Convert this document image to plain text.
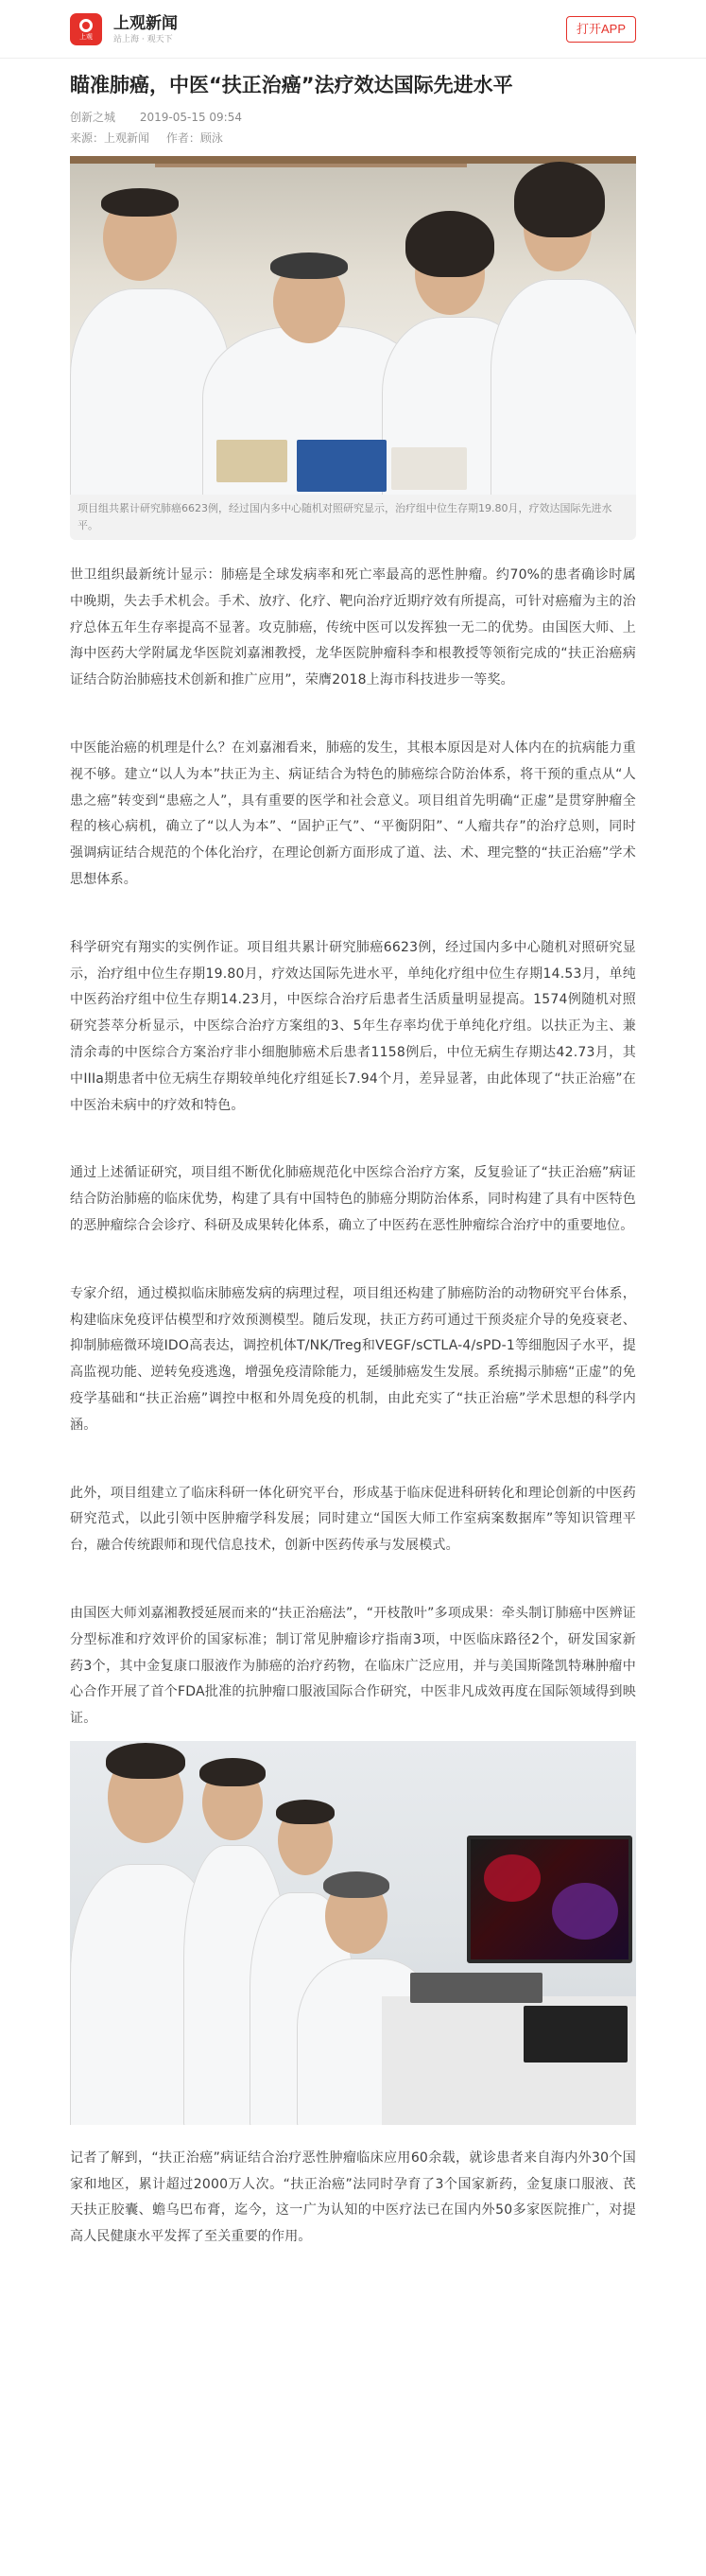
上观
上观新闻
站上海 · 观天下
打开APP
瞄准肺癌，中医“扶正治癌”法疗效达国际先进水平
创新之城 2019-05-15 09:54
来源：上观新闻 作者：顾泳
项目组共累计研究肺癌6623例，经过国内多中心随机对照研究显示，治疗组中位生存期19.80月，疗效达国际先进水平。

世卫组织最新统计显示：肺癌是全球发病率和死亡率最高的恶性肿瘤。约70%的患者确诊时属中晚期，失去手术机会。手术、放疗、化疗、靶向治疗近期疗效有所提高，可针对癌瘤为主的治疗总体五年生存率提高不显著。攻克肺癌，传统中医可以发挥独一无二的优势。由国医大师、上海中医药大学附属龙华医院刘嘉湘教授，龙华医院肿瘤科李和根教授等领衔完成的“扶正治癌病证结合防治肺癌技术创新和推广应用”，荣膺2018上海市科技进步一等奖。

中医能治癌的机理是什么？在刘嘉湘看来，肺癌的发生，其根本原因是对人体内在的抗病能力重视不够。建立“以人为本”扶正为主、病证结合为特色的肺癌综合防治体系，将干预的重点从“人患之癌”转变到“患癌之人”，具有重要的医学和社会意义。项目组首先明确“正虚”是贯穿肿瘤全程的核心病机，确立了“以人为本”、“固护正气”、“平衡阴阳”、“人瘤共存”的治疗总则，同时强调病证结合规范的个体化治疗，在理论创新方面形成了道、法、术、理完整的“扶正治癌”学术思想体系。

科学研究有翔实的实例作证。项目组共累计研究肺癌6623例，经过国内多中心随机对照研究显示，治疗组中位生存期19.80月，疗效达国际先进水平，单纯化疗组中位生存期14.53月，单纯中医药治疗组中位生存期14.23月，中医综合治疗后患者生活质量明显提高。1574例随机对照研究荟萃分析显示，中医综合治疗方案组的3、5年生存率均优于单纯化疗组。以扶正为主、兼清余毒的中医综合方案治疗非小细胞肺癌术后患者1158例后，中位无病生存期达42.73月，其中IIIa期患者中位无病生存期较单纯化疗组延长7.94个月，差异显著，由此体现了“扶正治癌”在中医治未病中的疗效和特色。

通过上述循证研究，项目组不断优化肺癌规范化中医综合治疗方案，反复验证了“扶正治癌”病证结合防治肺癌的临床优势，构建了具有中国特色的肺癌分期防治体系，同时构建了具有中医特色的恶肿瘤综合会诊疗、科研及成果转化体系，确立了中医药在恶性肿瘤综合治疗中的重要地位。

专家介绍，通过模拟临床肺癌发病的病理过程，项目组还构建了肺癌防治的动物研究平台体系，构建临床免疫评估模型和疗效预测模型。随后发现，扶正方药可通过干预炎症介导的免疫衰老、抑制肺癌微环境IDO高表达，调控机体T/NK/Treg和VEGF/sCTLA-4/sPD-1等细胞因子水平，提高监视功能、逆转免疫逃逸，增强免疫清除能力，延缓肺癌发生发展。系统揭示肺癌“正虚”的免疫学基础和“扶正治癌”调控中枢和外周免疫的机制，由此充实了“扶正治癌”学术思想的科学内涵。

此外，项目组建立了临床科研一体化研究平台，形成基于临床促进科研转化和理论创新的中医药研究范式，以此引领中医肿瘤学科发展；同时建立“国医大师工作室病案数据库”等知识管理平台，融合传统跟师和现代信息技术，创新中医药传承与发展模式。

由国医大师刘嘉湘教授延展而来的“扶正治癌法”，“开枝散叶”多项成果：牵头制订肺癌中医辨证分型标准和疗效评价的国家标准；制订常见肿瘤诊疗指南3项，中医临床路径2个，研发国家新药3个，其中金复康口服液作为肺癌的治疗药物，在临床广泛应用，并与美国斯隆凯特琳肿瘤中心合作开展了首个FDA批准的抗肿瘤口服液国际合作研究，中医非凡成效再度在国际领域得到映证。

记者了解到，“扶正治癌”病证结合治疗恶性肿瘤临床应用60余载，就诊患者来自海内外30个国家和地区，累计超过2000万人次。“扶正治癌”法同时孕育了3个国家新药，金复康口服液、芪天扶正胶囊、蟾乌巴布膏，迄今，这一广为认知的中医疗法已在国内外50多家医院推广，对提高人民健康水平发挥了至关重要的作用。
